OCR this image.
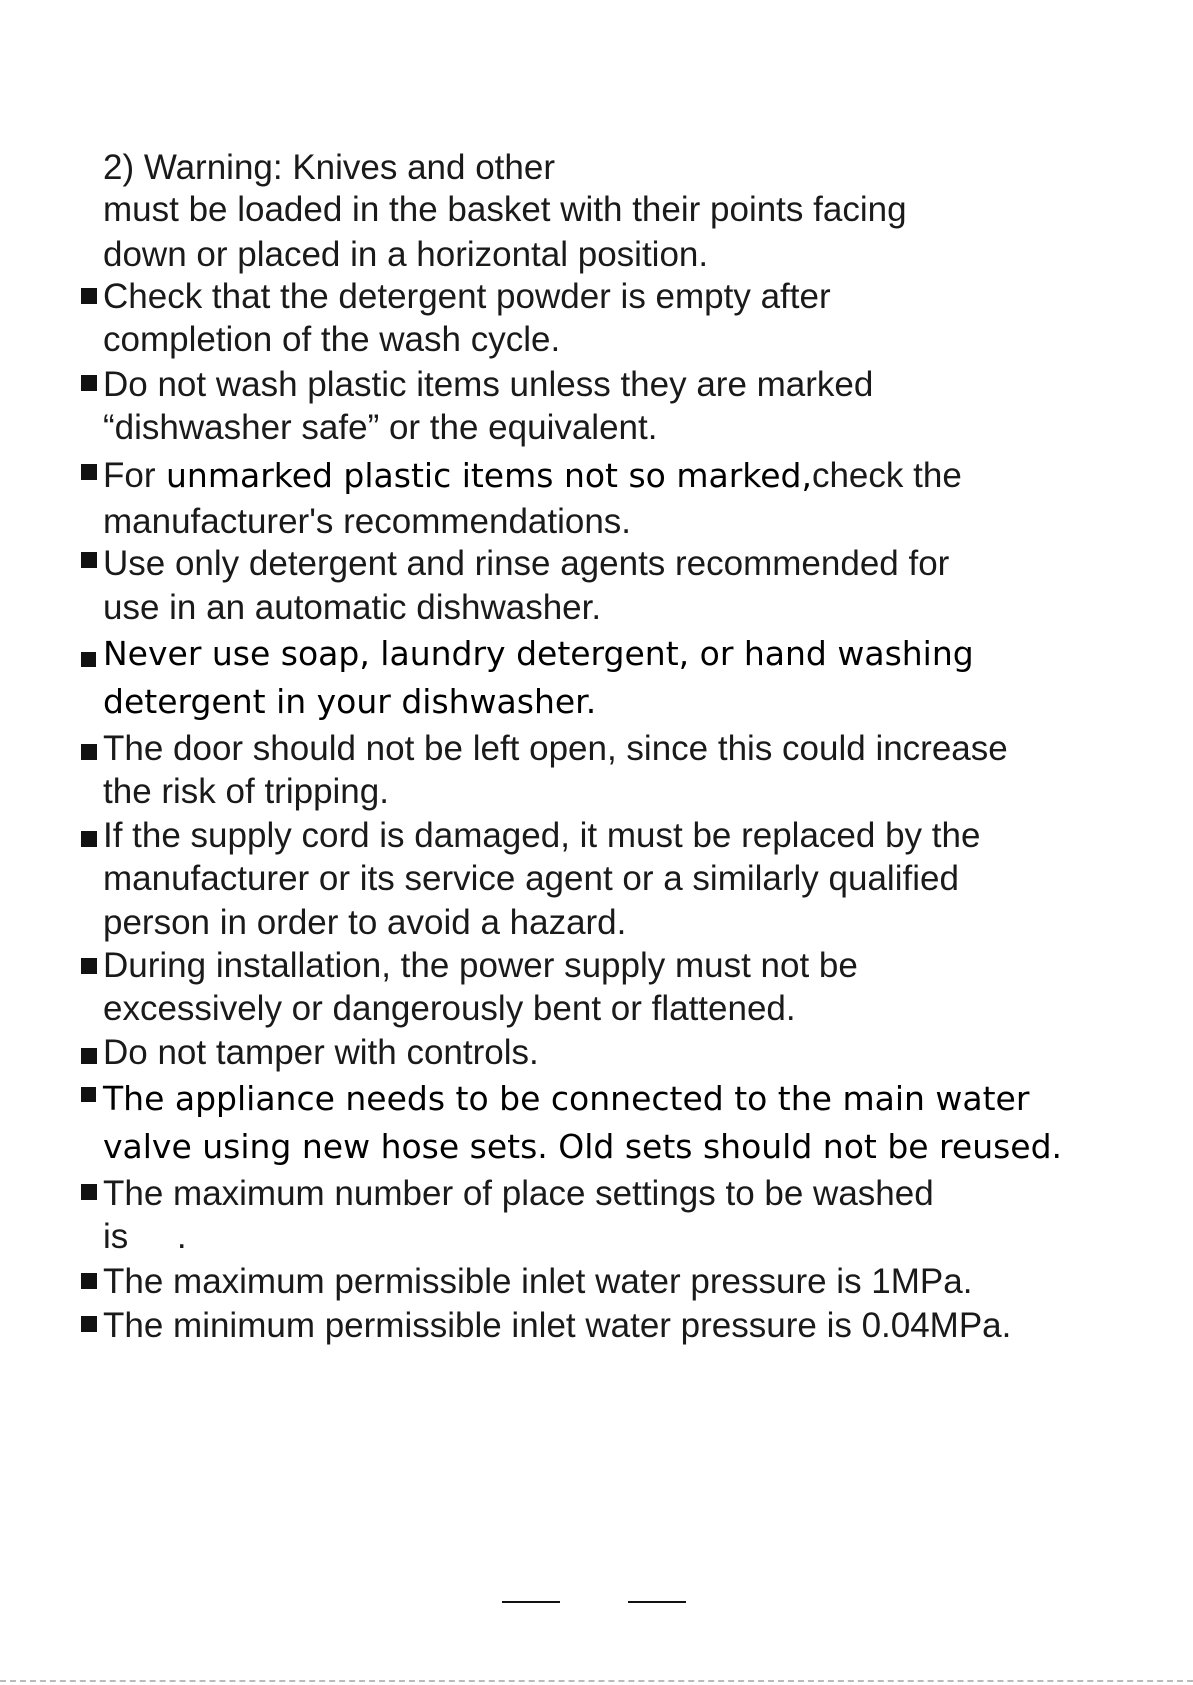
2) Warning: Knives and other
must be loaded in the basket with their points facing
down or placed in a horizontal position.
Check that the detergent powder is empty after
completion of the wash cycle.
Do not wash plastic items unless they are marked
“dishwasher safe” or the equivalent.
For unmarked plastic items not so marked,check the
manufacturer's recommendations.
Use only detergent and rinse agents recommended for
use in an automatic dishwasher.
Never use soap, laundry detergent, or hand washing
detergent in your dishwasher.
The door should not be left open, since this could increase
the risk of tripping.
If the supply cord is damaged, it must be replaced by the
manufacturer or its service agent or a similarly qualified
person in order to avoid a hazard.
During installation, the power supply must not be
excessively or dangerously bent or flattened.
Do not tamper with controls.
The appliance needs to be connected to the main water
valve using new hose sets. Old sets should not be reused.
The maximum number of place settings to be washed
is     .
The maximum permissible inlet water pressure is 1MPa.
The minimum permissible inlet water pressure is 0.04MPa.
